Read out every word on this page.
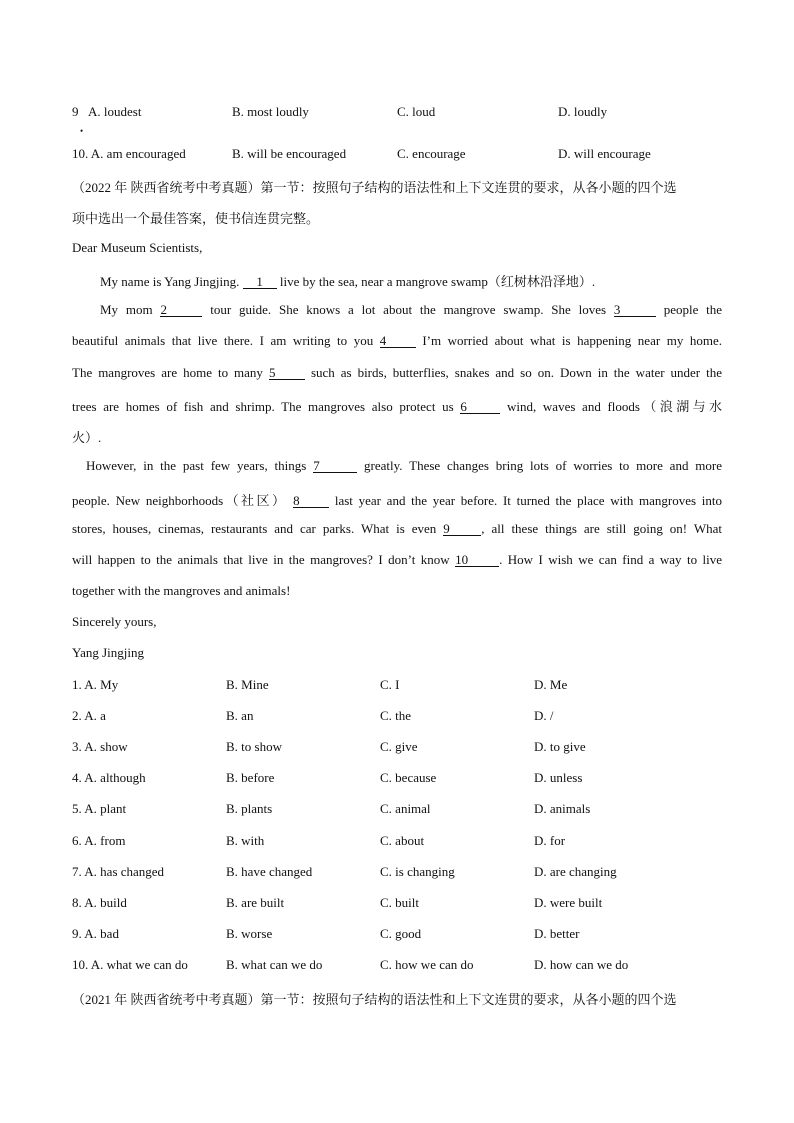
9 A. loudest	B. most loudly	C. loud	D. loudly
•
10. A. am encouraged	B. will be encouraged	C. encourage	D. will encourage
（2022 年 陕西省统考中考真题）第一节：按照句子结构的语法性和上下文连贯的要求，从各小题的四个选
项中选出一个最佳答案，使书信连贯完整。
Dear Museum Scientists,
My name is Yang Jingjing. 1 live by the sea, near a mangrove swamp（红树林沿泽地）.
My mom 2	tour guide. She knows a lot about the mangrove swamp. She loves 3	people the
beautiful animals that live there. I am writing to you 4	I’m worried about what is happening near my home.
The mangroves are home to many 5	such as birds, butterflies, snakes and so on. Down in the water under the
trees are homes of fish and shrimp. The mangroves also protect us 6	wind, waves and floods（浪湖与水
火）.
However, in the past few years, things 7	greatly. These changes bring lots of worries to more and more
people. New neighborhoods（社区） 8	last year and the year before. It turned the place with mangroves into
stores, houses, cinemas, restaurants and car parks. What is even 9 , all these things are still going on! What
will happen to the animals that live in the mangroves? I don’t know 10 . How I wish we can find a way to live
together with the mangroves and animals!
Sincerely yours,
Yang Jingjing
1. A. My	B. Mine	C. I	D. Me
2. A. a	B. an	C. the	D. /
3. A. show	B. to show	C. give	D. to give
4. A. although	B. before	C. because	D. unless
5. A. plant	B. plants	C. animal	D. animals
6. A. from	B. with	C. about	D. for
7. A. has changed	B. have changed	C. is changing	D. are changing
8. A. build	B. are built	C. built	D. were built
9. A. bad	B. worse	C. good	D. better
10. A. what we can do	B. what can we do	C. how we can do	D. how can we do
（2021 年 陕西省统考中考真题）第一节：按照句子结构的语法性和上下文连贯的要求，从各小题的四个选
